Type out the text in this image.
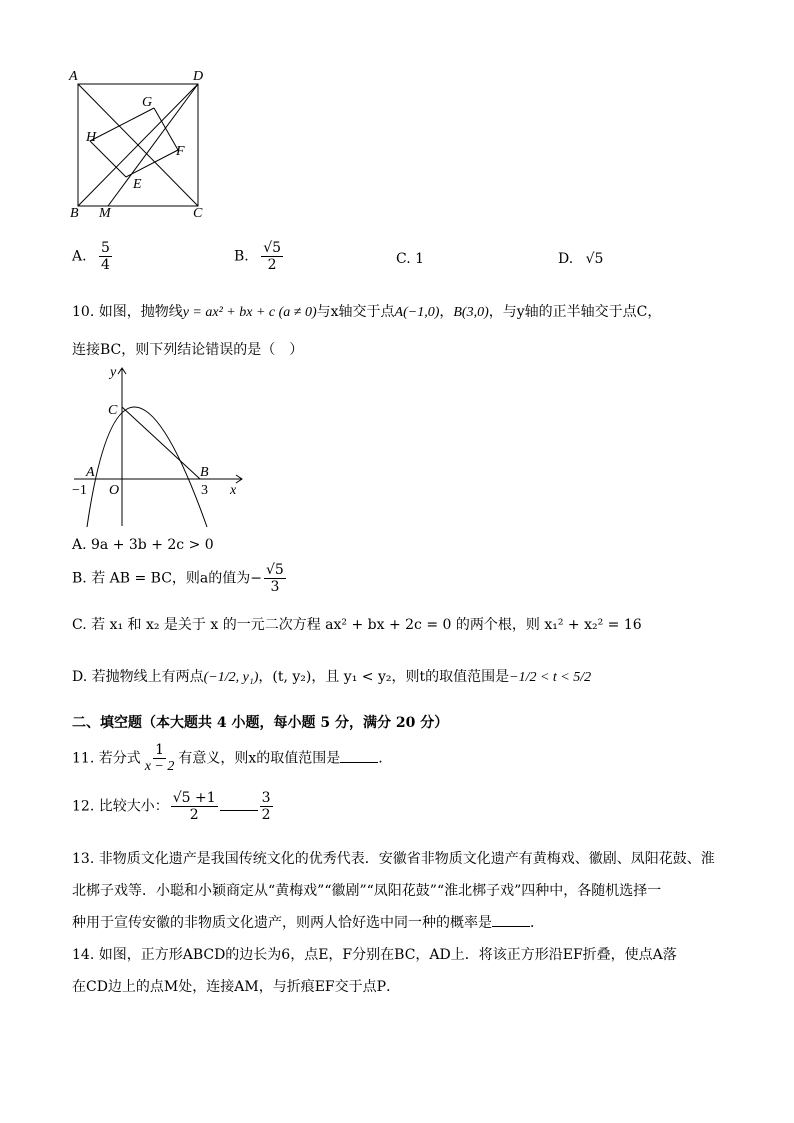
A	D
G
H
F
E
B M	C
A. $\frac{5}{4}$	B. $\frac{√5}{2}$	C. 1	D. √5
10. 如图，抛物线y = ax² + bx + c (a ≠ 0)与x轴交于点A(−1,0)，B(3,0)，与y轴的正半轴交于点C，
连接BC，则下列结论错误的是（　）
y
C
A	B
−1 O	3 x
A. 9a + 3b + 2c > 0
B. 若 AB = BC，则a的值为− $\frac{√5}{3}$
C. 若 x₁ 和 x₂ 是关于 x 的一元二次方程 ax² + bx + 2c = 0 的两个根，则 x₁² + x₂² = 16
D. 若抛物线上有两点(−1/2, y₁)，(t, y₂)，且 y₁ < y₂，则t的取值范围是−1/2 < t < 5/2
二、填空题（本大题共 4 小题，每小题 5 分，满分 20 分）
11. 若分式 $\frac{1}{x - 2}$ 有意义，则x的取值范围是	.
12. 比较大小： $\frac{√5 +1}{2}$	$\frac{3}{2}$
13. 非物质文化遗产是我国传统文化的优秀代表．安徽省非物质文化遗产有黄梅戏、徽剧、凤阳花鼓、淮
北梆子戏等．小聪和小颖商定从“黄梅戏”“徽剧”“凤阳花鼓”“淮北梆子戏”四种中，各随机选择一
种用于宣传安徽的非物质文化遗产，则两人恰好选中同一种的概率是	．
14. 如图，正方形ABCD的边长为6，点E，F分别在BC，AD上．将该正方形沿EF折叠，使点A落
在CD边上的点M处，连接AM，与折痕EF交于点P．
